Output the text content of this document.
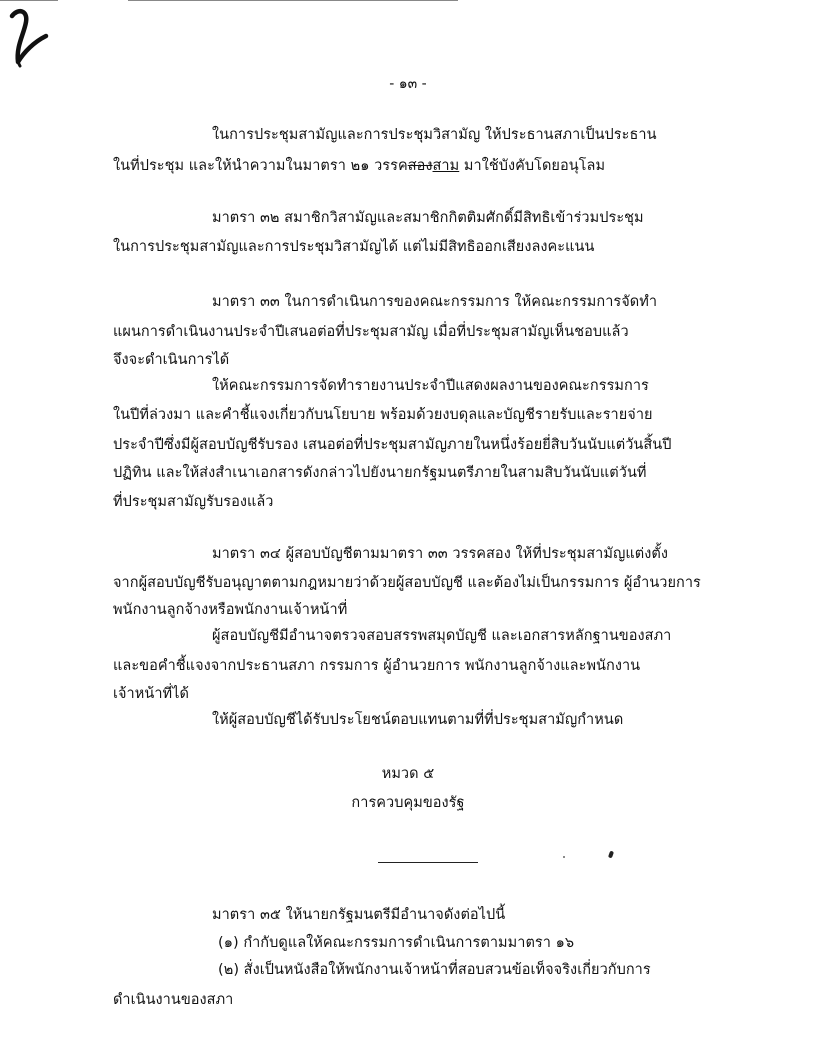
- ๑๓ -
ในการประชุมสามัญและการประชุมวิสามัญ ให้ประธานสภาเป็นประธาน
ในที่ประชุม และให้นำความในมาตรา ๒๑ วรรคสองสาม มาใช้บังคับโดยอนุโลม
มาตรา ๓๒ สมาชิกวิสามัญและสมาชิกกิตติมศักดิ์มีสิทธิเข้าร่วมประชุม
ในการประชุมสามัญและการประชุมวิสามัญได้ แต่ไม่มีสิทธิออกเสียงลงคะแนน
มาตรา ๓๓ ในการดำเนินการของคณะกรรมการ ให้คณะกรรมการจัดทำ
แผนการดำเนินงานประจำปีเสนอต่อที่ประชุมสามัญ เมื่อที่ประชุมสามัญเห็นชอบแล้ว
จึงจะดำเนินการได้
ให้คณะกรรมการจัดทำรายงานประจำปีแสดงผลงานของคณะกรรมการ
ในปีที่ล่วงมา และคำชี้แจงเกี่ยวกับนโยบาย พร้อมด้วยงบดุลและบัญชีรายรับและรายจ่าย
ประจำปีซึ่งมีผู้สอบบัญชีรับรอง เสนอต่อที่ประชุมสามัญภายในหนึ่งร้อยยี่สิบวันนับแต่วันสิ้นปี
ปฏิทิน และให้ส่งสำเนาเอกสารดังกล่าวไปยังนายกรัฐมนตรีภายในสามสิบวันนับแต่วันที่
ที่ประชุมสามัญรับรองแล้ว
มาตรา ๓๔ ผู้สอบบัญชีตามมาตรา ๓๓ วรรคสอง ให้ที่ประชุมสามัญแต่งตั้ง
จากผู้สอบบัญชีรับอนุญาตตามกฎหมายว่าด้วยผู้สอบบัญชี และต้องไม่เป็นกรรมการ ผู้อำนวยการ
พนักงานลูกจ้างหรือพนักงานเจ้าหน้าที่
ผู้สอบบัญชีมีอำนาจตรวจสอบสรรพสมุดบัญชี และเอกสารหลักฐานของสภา
และขอคำชี้แจงจากประธานสภา กรรมการ ผู้อำนวยการ พนักงานลูกจ้างและพนักงาน
เจ้าหน้าที่ได้
ให้ผู้สอบบัญชีได้รับประโยชน์ตอบแทนตามที่ที่ประชุมสามัญกำหนด
หมวด ๕
การควบคุมของรัฐ
มาตรา ๓๕ ให้นายกรัฐมนตรีมีอำนาจดังต่อไปนี้
(๑) กำกับดูแลให้คณะกรรมการดำเนินการตามมาตรา ๑๖
(๒) สั่งเป็นหนังสือให้พนักงานเจ้าหน้าที่สอบสวนข้อเท็จจริงเกี่ยวกับการ
ดำเนินงานของสภา
